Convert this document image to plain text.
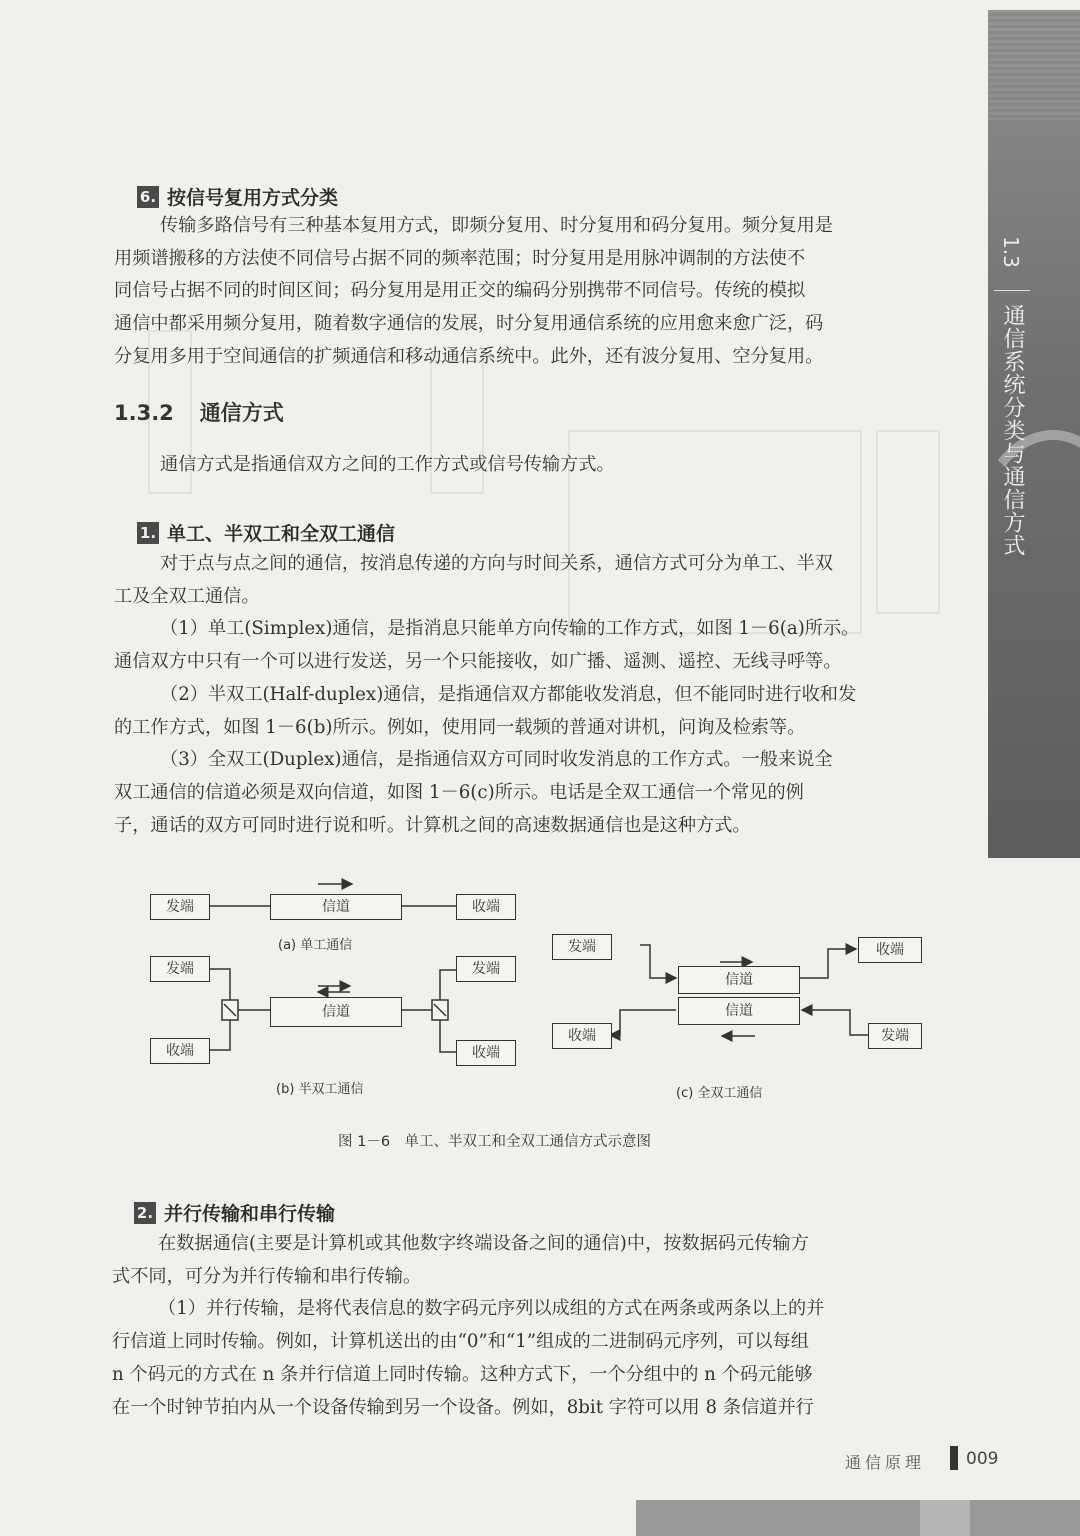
1.3
通信系统分类与通信方式
6. 按信号复用方式分类
传输多路信号有三种基本复用方式，即频分复用、时分复用和码分复用。频分复用是
用频谱搬移的方法使不同信号占据不同的频率范围；时分复用是用脉冲调制的方法使不
同信号占据不同的时间区间；码分复用是用正交的编码分别携带不同信号。传统的模拟
通信中都采用频分复用，随着数字通信的发展，时分复用通信系统的应用愈来愈广泛，码
分复用多用于空间通信的扩频通信和移动通信系统中。此外，还有波分复用、空分复用。
1.3.2 通信方式
通信方式是指通信双方之间的工作方式或信号传输方式。
1. 单工、半双工和全双工通信
对于点与点之间的通信，按消息传递的方向与时间关系，通信方式可分为单工、半双
工及全双工通信。
（1）单工(Simplex)通信，是指消息只能单方向传输的工作方式，如图 1－6(a)所示。
通信双方中只有一个可以进行发送，另一个只能接收，如广播、遥测、遥控、无线寻呼等。
（2）半双工(Half-duplex)通信，是指通信双方都能收发消息，但不能同时进行收和发
的工作方式，如图 1－6(b)所示。例如，使用同一载频的普通对讲机，问询及检索等。
（3）全双工(Duplex)通信，是指通信双方可同时收发消息的工作方式。一般来说全
双工通信的信道必须是双向信道，如图 1－6(c)所示。电话是全双工通信一个常见的例
子，通话的双方可同时进行说和听。计算机之间的高速数据通信也是这种方式。
发端	信道	收端
(a) 单工通信
发端
收端
信道
发端
收端
(b) 半双工通信
发端
信道
信道
收端
收端	发端
(c) 全双工通信
图 1－6　单工、半双工和全双工通信方式示意图
2. 并行传输和串行传输
在数据通信(主要是计算机或其他数字终端设备之间的通信)中，按数据码元传输方
式不同，可分为并行传输和串行传输。
（1）并行传输，是将代表信息的数字码元序列以成组的方式在两条或两条以上的并
行信道上同时传输。例如，计算机送出的由“0”和“1”组成的二进制码元序列，可以每组
n 个码元的方式在 n 条并行信道上同时传输。这种方式下，一个分组中的 n 个码元能够
在一个时钟节拍内从一个设备传输到另一个设备。例如，8bit 字符可以用 8 条信道并行
通信原理 009
